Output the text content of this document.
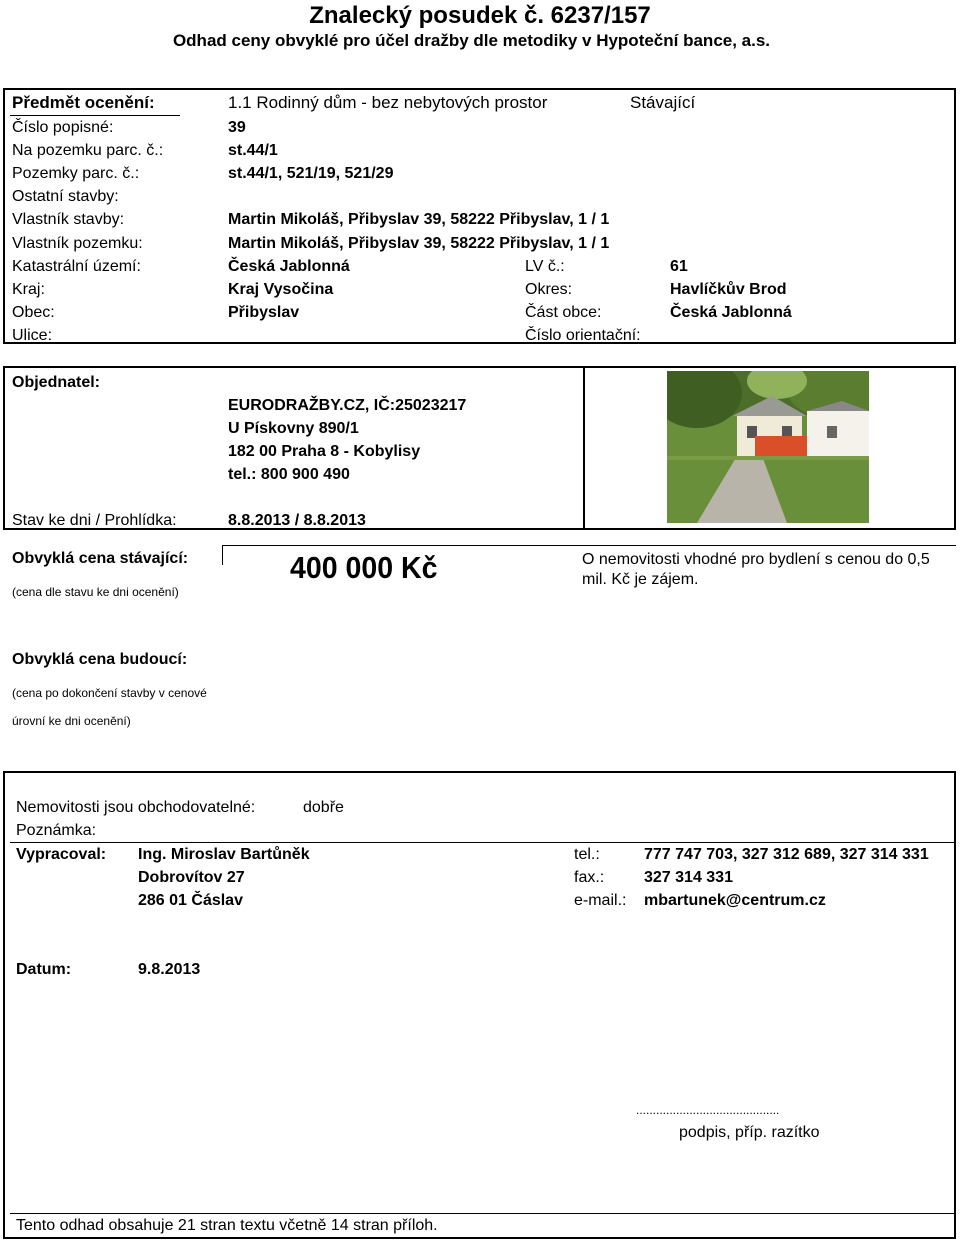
Znalecký posudek č. 6237/157
Odhad ceny obvyklé pro účel dražby dle metodiky v Hypoteční bance, a.s.
Předmět ocenění:	1.1 Rodinný dům - bez nebytových prostor	Stávající
Číslo popisné:	39
Na pozemku parc. č.:	st.44/1
Pozemky parc. č.:	st.44/1, 521/19, 521/29
Ostatní stavby:
Vlastník stavby:	Martin Mikoláš, Přibyslav 39, 58222 Přibyslav, 1 / 1
Vlastník pozemku:	Martin Mikoláš, Přibyslav 39, 58222 Přibyslav, 1 / 1
Katastrální území:	Česká Jablonná	LV č.:	61
Kraj:	Kraj Vysočina	Okres:	Havlíčkův Brod
Obec:	Přibyslav	Část obce:	Česká Jablonná
Ulice:	Číslo orientační:
Objednatel:
EURODRAŽBY.CZ, IČ:25023217
U Pískovny 890/1
182 00 Praha 8 - Kobylisy
tel.: 800 900 490
Stav ke dni / Prohlídka:	8.8.2013 / 8.8.2013
Obvyklá cena stávající:
(cena dle stavu ke dni ocenění)
400 000 Kč	O nemovitosti vhodné pro bydlení s cenou do 0,5
mil. Kč je zájem.
Obvyklá cena budoucí:
(cena po dokončení stavby v cenové
úrovní ke dni ocenění)
Nemovitosti jsou obchodovatelné:	dobře
Poznámka:
Vypracoval: Ing. Miroslav Bartůněk
Dobrovítov 27
286 01 Čáslav
tel.:	777 747 703, 327 312 689, 327 314 331
fax.: 327 314 331
e-mail.: mbartunek@centrum.cz
Datum:	9.8.2013
...........................................
podpis, příp. razítko
Tento odhad obsahuje 21 stran textu včetně 14 stran příloh.
